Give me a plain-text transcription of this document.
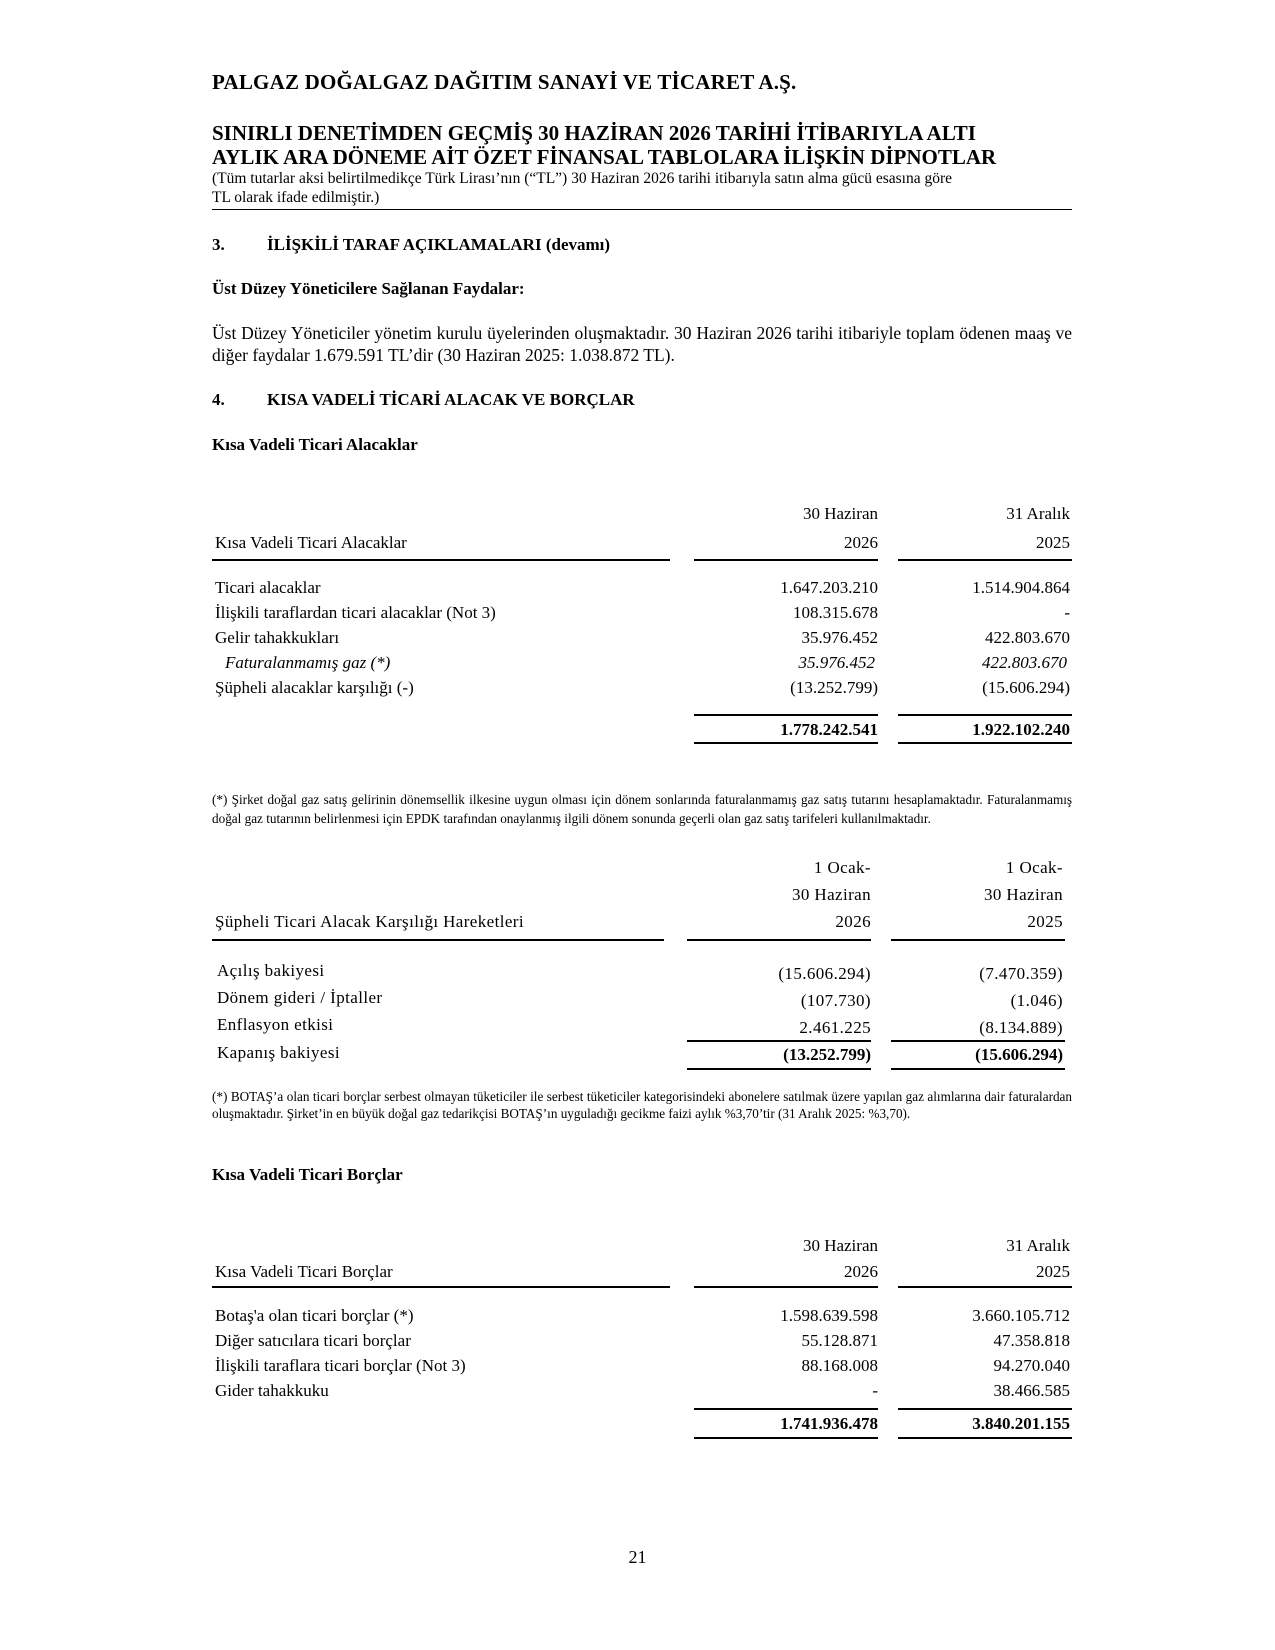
PALGAZ DOĞALGAZ DAĞITIM SANAYİ VE TİCARET A.Ş.
SINIRLI DENETİMDEN GEÇMİŞ 30 HAZİRAN 2026 TARİHİ İTİBARIYLA ALTI
AYLIK ARA DÖNEME AİT ÖZET FİNANSAL TABLOLARA İLİŞKİN DİPNOTLAR
(Tüm tutarlar aksi belirtilmedikçe Türk Lirası’nın (“TL”) 30 Haziran 2026 tarihi itibarıyla satın alma gücü esasına göre
TL olarak ifade edilmiştir.)
3. İLİŞKİLİ TARAF AÇIKLAMALARI (devamı)
Üst Düzey Yöneticilere Sağlanan Faydalar:
Üst Düzey Yöneticiler yönetim kurulu üyelerinden oluşmaktadır. 30 Haziran 2026 tarihi itibariyle toplam ödenen maaş ve diğer faydalar 1.679.591 TL’dir (30 Haziran 2025: 1.038.872 TL).
4. KISA VADELİ TİCARİ ALACAK VE BORÇLAR
Kısa Vadeli Ticari Alacaklar
30 Haziran	31 Aralık
Kısa Vadeli Ticari Alacaklar	2026	2025
Ticari alacaklar	1.647.203.210	1.514.904.864
İlişkili taraflardan ticari alacaklar (Not 3)	108.315.678	-
Gelir tahakkukları	35.976.452	422.803.670
Faturalanmamış gaz (*)	35.976.452	422.803.670
Şüpheli alacaklar karşılığı (-)	(13.252.799)	(15.606.294)
1.778.242.541	1.922.102.240
(*) Şirket doğal gaz satış gelirinin dönemsellik ilkesine uygun olması için dönem sonlarında faturalanmamış gaz satış tutarını hesaplamaktadır. Faturalanmamış doğal gaz tutarının belirlenmesi için EPDK tarafından onaylanmış ilgili dönem sonunda geçerli olan gaz satış tarifeleri kullanılmaktadır.
1 Ocak-	1 Ocak-
30 Haziran	30 Haziran
Şüpheli Ticari Alacak Karşılığı Hareketleri	2026	2025
Açılış bakiyesi	(15.606.294)	(7.470.359)
Dönem gideri / İptaller	(107.730)	(1.046)
Enflasyon etkisi	2.461.225	(8.134.889)
Kapanış bakiyesi	(13.252.799)	(15.606.294)
(*) BOTAŞ’a olan ticari borçlar serbest olmayan tüketiciler ile serbest tüketiciler kategorisindeki abonelere satılmak üzere yapılan gaz alımlarına dair faturalardan oluşmaktadır. Şirket’in en büyük doğal gaz tedarikçisi BOTAŞ’ın uyguladığı gecikme faizi aylık %3,70’tir (31 Aralık 2025: %3,70).
Kısa Vadeli Ticari Borçlar
30 Haziran	31 Aralık
Kısa Vadeli Ticari Borçlar	2026	2025
Botaş'a olan ticari borçlar (*)	1.598.639.598	3.660.105.712
Diğer satıcılara ticari borçlar	55.128.871	47.358.818
İlişkili taraflara ticari borçlar (Not 3)	88.168.008	94.270.040
Gider tahakkuku	-	38.466.585
1.741.936.478	3.840.201.155
21
